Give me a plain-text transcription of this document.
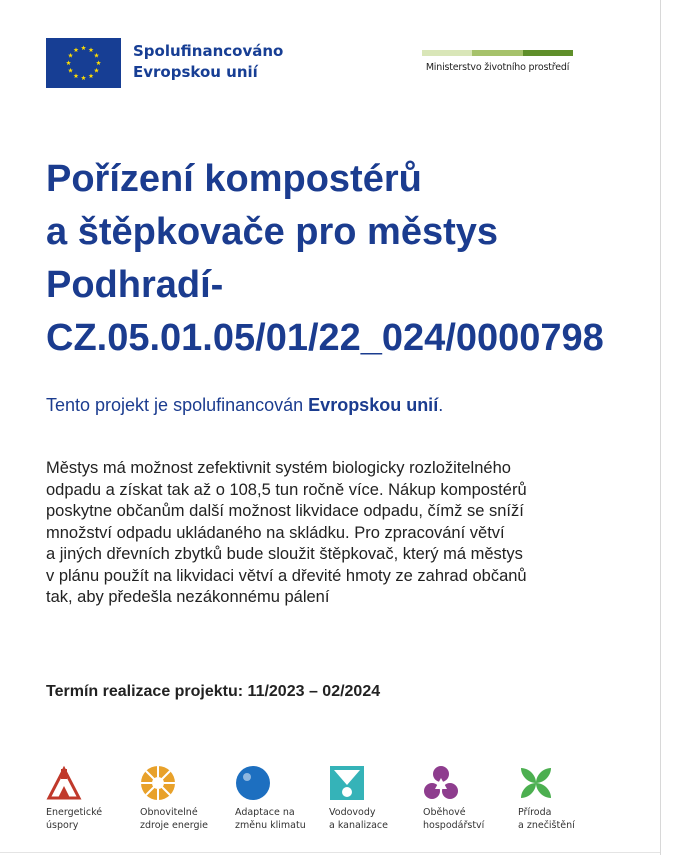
Spolufinancováno
Evropskou unií	Ministerstvo životního prostředí
Pořízení kompostérů
a štěpkovače pro městys
Podhradí-
CZ.05.01.05/01/22_024/0000798
Tento projekt je spolufinancován Evropskou unií.
Městys má možnost zefektivnit systém biologicky rozložitelného
odpadu a získat tak až o 108,5 tun ročně více. Nákup kompostérů
poskytne občanům další možnost likvidace odpadu, čímž se sníží
množství odpadu ukládaného na skládku. Pro zpracování větví
a jiných dřevních zbytků bude sloužit štěpkovač, který má městys
v plánu použít na likvidaci větví a dřevité hmoty ze zahrad občanů
tak, aby předešla nezákonnému pálení
Termín realizace projektu: 11/2023 – 02/2024
Energetické
úspory
Obnovitelné
zdroje energie
Adaptace na
změnu klimatu
Vodovody
a kanalizace
Oběhové
hospodářství
Příroda
a znečištění
